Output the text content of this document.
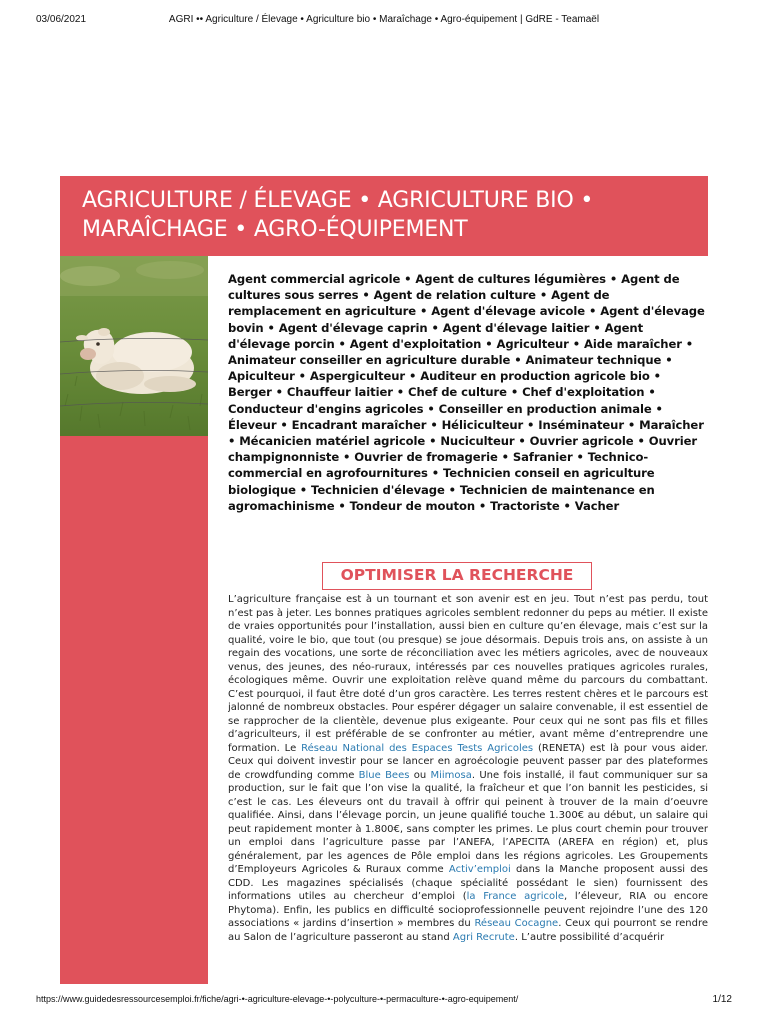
03/06/2021	AGRI •• Agriculture / Élevage • Agriculture bio • Maraîchage • Agro-équipement | GdRE - Teamaël
AGRICULTURE / ÉLEVAGE • AGRICULTURE BIO • MARAÎCHAGE • AGRO-ÉQUIPEMENT

Agent commercial agricole • Agent de cultures légumières • Agent de cultures sous serres • Agent de relation culture • Agent de remplacement en agriculture • Agent d'élevage avicole • Agent d'élevage bovin • Agent d'élevage caprin • Agent d'élevage laitier • Agent d'élevage porcin • Agent d'exploitation • Agriculteur • Aide maraîcher • Animateur conseiller en agriculture durable • Animateur technique • Apiculteur • Aspergiculteur • Auditeur en production agricole bio • Berger • Chauffeur laitier • Chef de culture • Chef d'exploitation • Conducteur d'engins agricoles • Conseiller en production animale • Éleveur • Encadrant maraîcher • Héliciculteur • Inséminateur • Maraîcher • Mécanicien matériel agricole • Nuciculteur • Ouvrier agricole • Ouvrier champignonniste • Ouvrier de fromagerie • Safranier • Technico-commercial en agrofournitures • Technicien conseil en agriculture biologique • Technicien d'élevage • Technicien de maintenance en agromachinisme • Tondeur de mouton • Tractoriste • Vacher

OPTIMISER LA RECHERCHE

L’agriculture française est à un tournant et son avenir est en jeu. Tout n’est pas perdu, tout n’est pas à jeter. Les bonnes pratiques agricoles semblent redonner du peps au métier. Il existe de vraies opportunités pour l’installation, aussi bien en culture qu’en élevage, mais c’est sur la qualité, voire le bio, que tout (ou presque) se joue désormais. Depuis trois ans, on assiste à un regain des vocations, une sorte de réconciliation avec les métiers agricoles, avec de nouveaux venus, des jeunes, des néo-ruraux, intéressés par ces nouvelles pratiques agricoles rurales, écologiques même. Ouvrir une exploitation relève quand même du parcours du combattant. C’est pourquoi, il faut être doté d’un gros caractère. Les terres restent chères et le parcours est jalonné de nombreux obstacles. Pour espérer dégager un salaire convenable, il est essentiel de se rapprocher de la clientèle, devenue plus exigeante. Pour ceux qui ne sont pas fils et filles d’agriculteurs, il est préférable de se confronter au métier, avant même d’entreprendre une formation. Le Réseau National des Espaces Tests Agricoles (RENETA) est là pour vous aider. Ceux qui doivent investir pour se lancer en agroécologie peuvent passer par des plateformes de crowdfunding comme Blue Bees ou Miimosa. Une fois installé, il faut communiquer sur sa production, sur le fait que l’on vise la qualité, la fraîcheur et que l’on bannit les pesticides, si c’est le cas. Les éleveurs ont du travail à offrir qui peinent à trouver de la main d’oeuvre qualifiée. Ainsi, dans l’élevage porcin, un jeune qualifié touche 1.300€ au début, un salaire qui peut rapidement monter à 1.800€, sans compter les primes. Le plus court chemin pour trouver un emploi dans l’agriculture passe par l’ANEFA, l’APECITA (AREFA en région) et, plus généralement, par les agences de Pôle emploi dans les régions agricoles. Les Groupements d’Employeurs Agricoles & Ruraux comme Activ’emploi dans la Manche proposent aussi des CDD. Les magazines spécialisés (chaque spécialité possédant le sien) fournissent des informations utiles au chercheur d’emploi (la France agricole, l’éleveur, RIA ou encore Phytoma). Enfin, les publics en difficulté socioprofessionnelle peuvent rejoindre l’une des 120 associations « jardins d’insertion » membres du Réseau Cocagne. Ceux qui pourront se rendre au Salon de l’agriculture passeront au stand Agri Recrute. L’autre possibilité d’acquérir

https://www.guidedesressourcesemploi.fr/fiche/agri-•-agriculture-elevage-•-polyculture-•-permaculture-•-agro-equipement/	1/12
